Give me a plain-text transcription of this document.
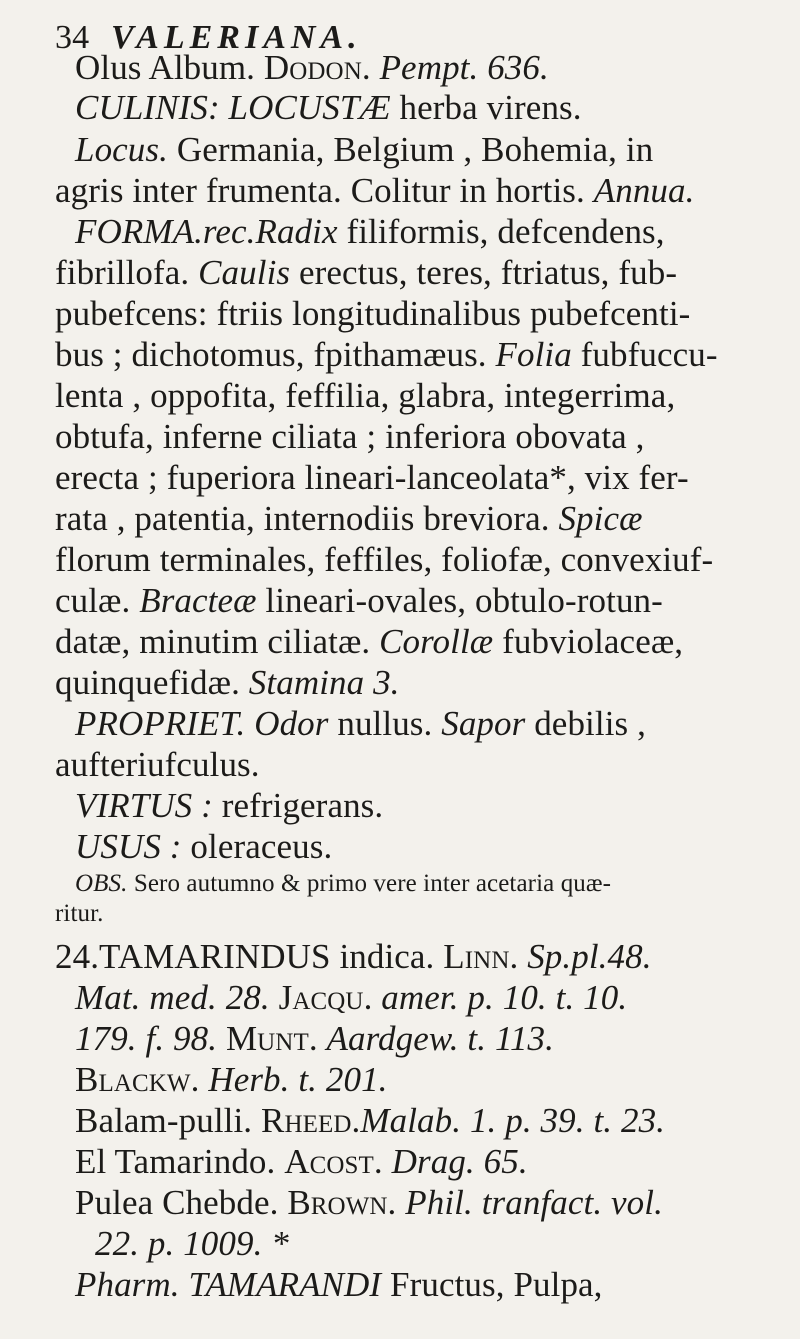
34 VALERIANA.
Olus Album. Dodon. Pempt. 636.
CULINIS: LOCUSTÆ herba virens.
Locus. Germania, Belgium , Bohemia, in
agris inter frumenta. Colitur in hortis. Annua.
FORMA.rec.Radix filiformis, defcendens,
fibrillofa. Caulis erectus, teres, ftriatus, fub-
pubefcens: ftriis longitudinalibus pubefcenti-
bus ; dichotomus, fpithamæus. Folia fubfuccu-
lenta , oppofita, feffilia, glabra, integerrima,
obtufa, inferne ciliata ; inferiora obovata ,
erecta ; fuperiora lineari-lanceolata*, vix fer-
rata , patentia, internodiis breviora. Spicæ
florum terminales, feffiles, foliofæ, convexiuf-
culæ. Bracteæ lineari-ovales, obtulo-rotun-
datæ, minutim ciliatæ. Corollæ fubviolaceæ,
quinquefidæ. Stamina 3.
PROPRIET. Odor nullus. Sapor debilis ,
aufteriufculus.
VIRTUS : refrigerans.
USUS : oleraceus.
OBS. Sero autumno & primo vere inter acetaria quæ-
ritur.
24.TAMARINDUS indica. Linn. Sp.pl.48.
Mat. med. 28. Jacqu. amer. p. 10. t. 10.
179. f. 98. Munt. Aardgew. t. 113.
Blackw. Herb. t. 201.
Balam-pulli. Rheed.Malab. 1. p. 39. t. 23.
El Tamarindo. Acost. Drag. 65.
Pulea Chebde. Brown. Phil. tranfact. vol.
22. p. 1009. *
Pharm. TAMARANDI Fructus, Pulpa,
